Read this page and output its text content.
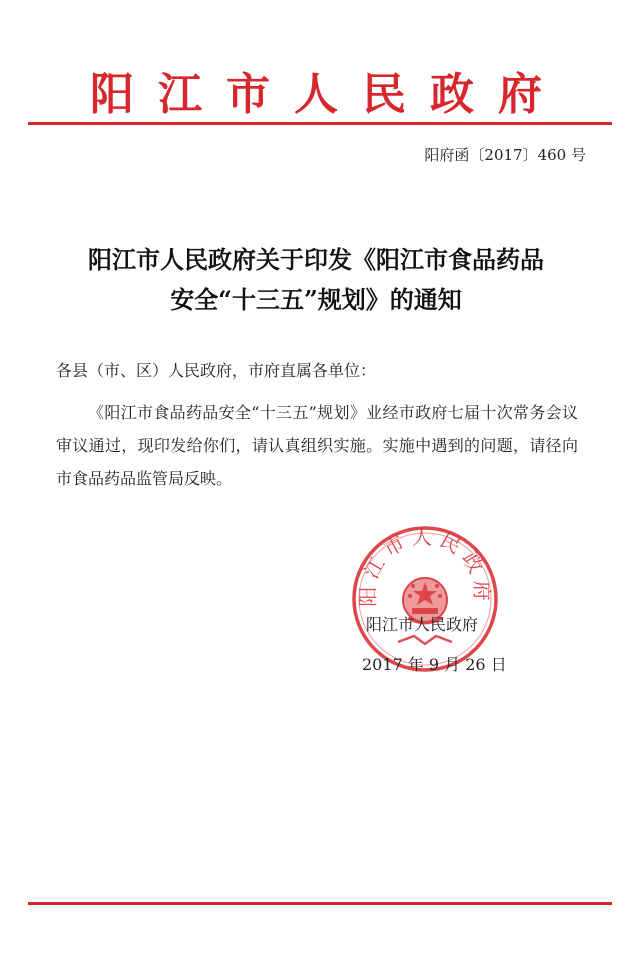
阳江市人民政府
阳府函〔2017〕460 号
阳江市人民政府关于印发《阳江市食品药品
安全“十三五”规划》的通知
各县（市、区）人民政府，市府直属各单位：
《阳江市食品药品安全“十三五”规划》业经市政府七届十次常务会议审议通过，现印发给你们，请认真组织实施。实施中遇到的问题，请径向市食品药品监管局反映。
阳江市人民政府
阳江市人民政府
2017 年 9 月 26 日
